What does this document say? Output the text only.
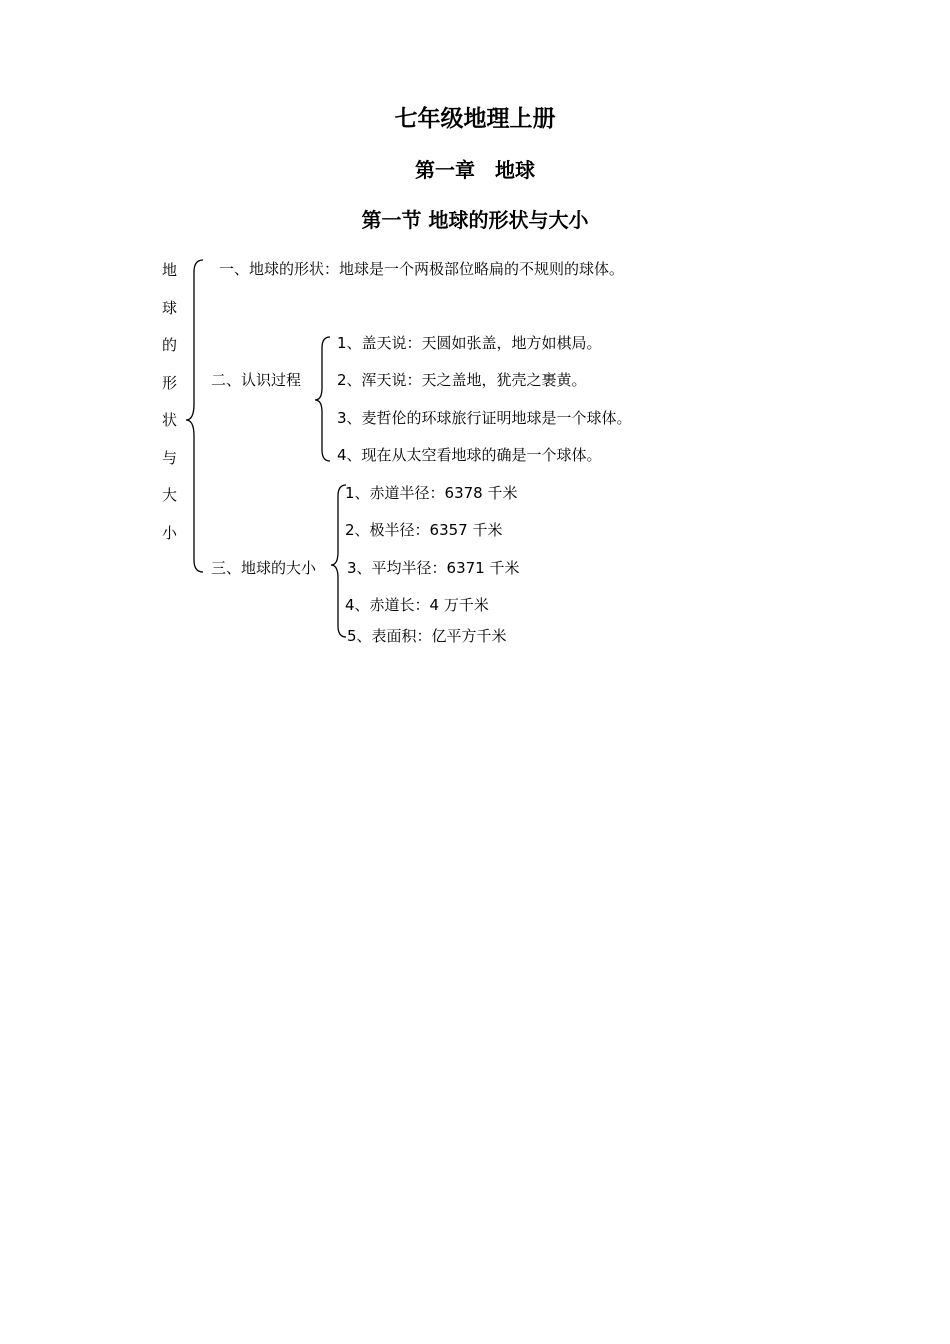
七年级地理上册
第一章　地球
第一节 地球的形状与大小
地
球
的
形
状
与
大
小
一、地球的形状：地球是一个两极部位略扁的不规则的球体。
二、认识过程
1、盖天说：天圆如张盖，地方如棋局。
2、浑天说：天之盖地，犹壳之裹黄。
3、麦哲伦的环球旅行证明地球是一个球体。
4、现在从太空看地球的确是一个球体。
三、地球的大小
1、赤道半径：6378 千米
2、极半径：6357 千米
3、平均半径：6371 千米
4、赤道长：4 万千米
5、表面积：亿平方千米
